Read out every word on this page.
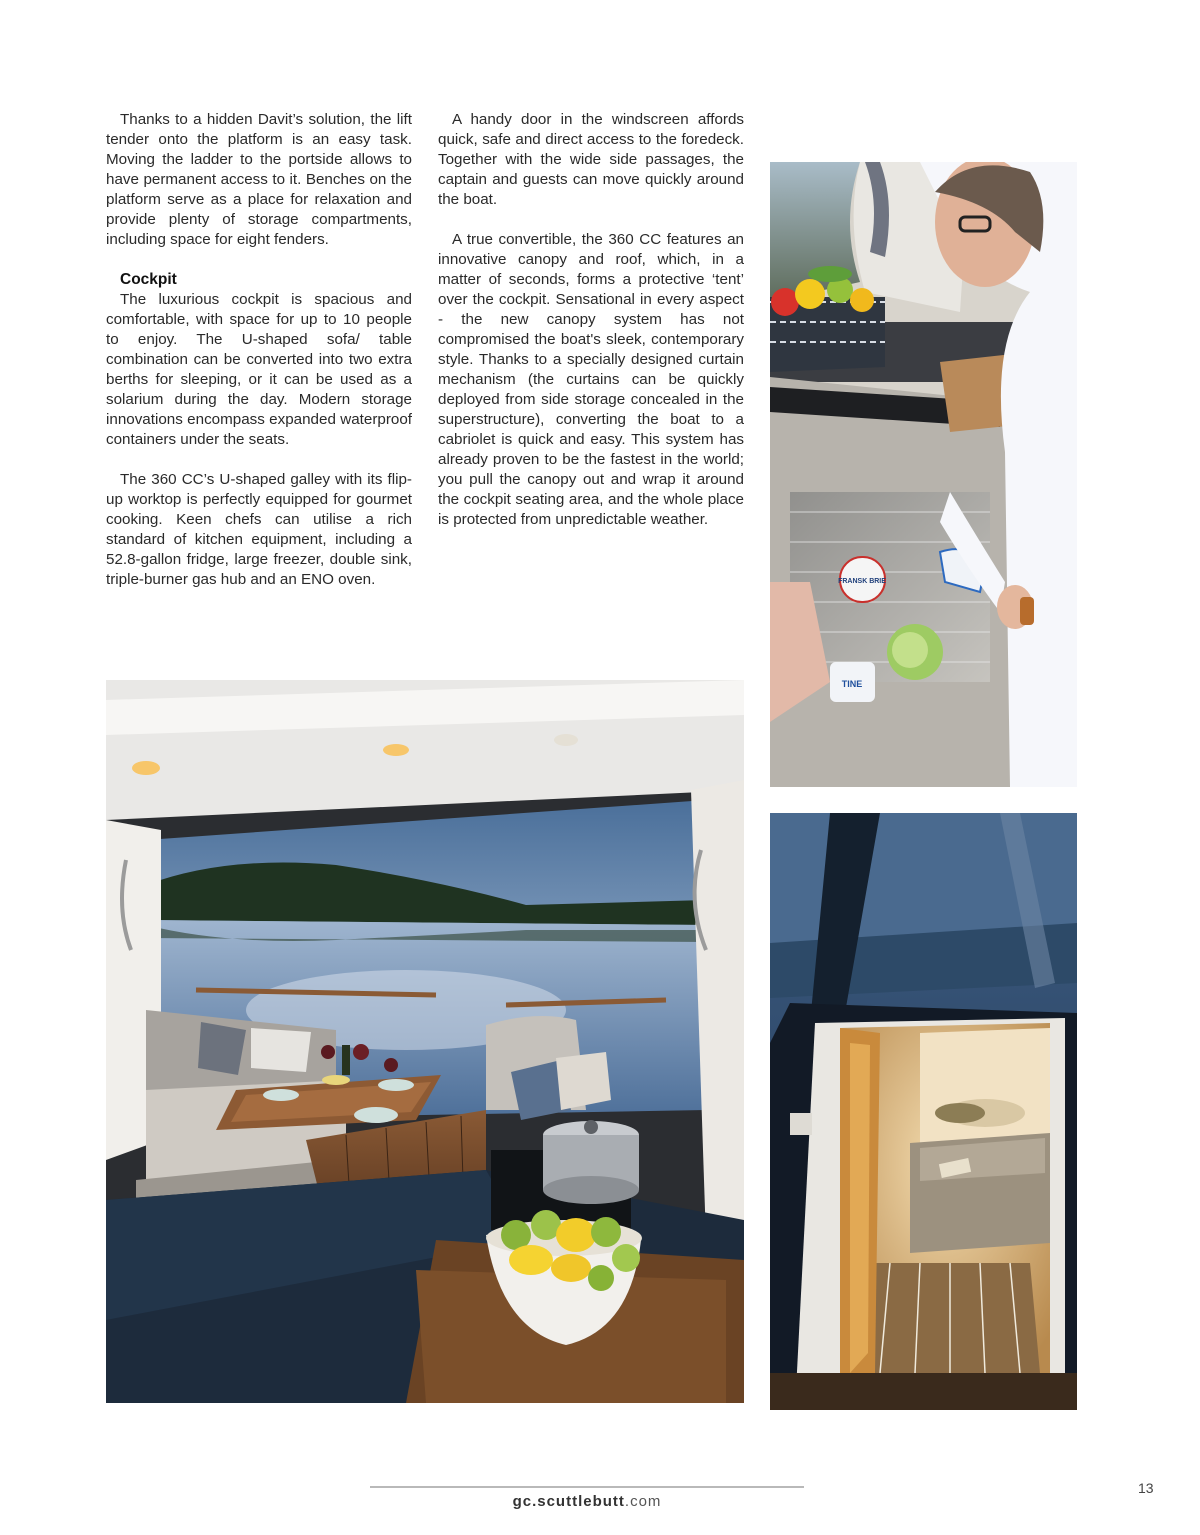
Thanks to a hidden Davit’s solution, the lift tender onto the platform is an easy task. Moving the ladder to the portside allows to have permanent access to it. Benches on the platform serve as a place for relaxation and provide plenty of storage compartments, including space for eight fenders.

Cockpit

The luxurious cockpit is spacious and comfortable, with space for up to 10 people to enjoy. The U-shaped sofa/ table combination can be converted into two extra berths for sleeping, or it can be used as a solarium during the day. Modern storage innovations encompass expanded waterproof containers under the seats.

The 360 CC’s U-shaped galley with its flip-up worktop is perfectly equipped for gourmet cooking. Keen chefs can utilise a rich standard of kitchen equipment, including a 52.8-gallon fridge, large freezer, double sink, triple-burner gas hub and an ENO oven.

A handy door in the windscreen affords quick, safe and direct access to the foredeck. Together with the wide side passages, the captain and guests can move quickly around the boat.

A true convertible, the 360 CC features an innovative canopy and roof, which, in a matter of seconds, forms a protective ‘tent’ over the cockpit. Sensational in every aspect - the new canopy system has not compromised the boat's sleek, contemporary style. Thanks to a specially designed curtain mechanism (the curtains can be quickly deployed from side storage concealed in the superstructure), converting the boat to a cabriolet is quick and easy. This system has already proven to be the fastest in the world; you pull the canopy out and wrap it around the cockpit seating area, and the whole place is protected from unpredictable weather.

TINE
FRANSK BRIE
gc.scuttlebutt.com
13
